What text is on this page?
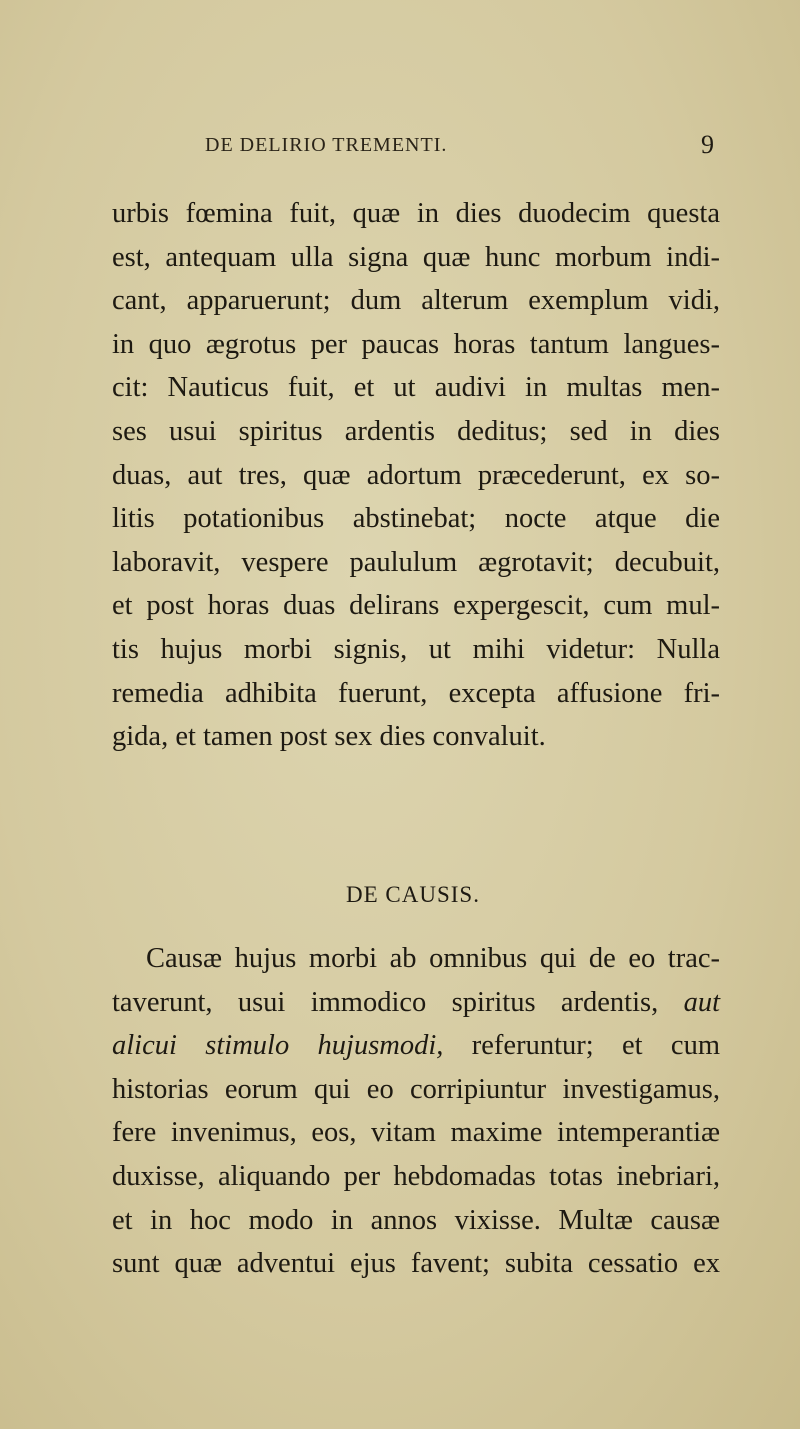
DE DELIRIO TREMENTI.	9
urbis fœmina fuit, quæ in dies duodecim questa
est, antequam ulla signa quæ hunc morbum indi-
cant, apparuerunt; dum alterum exemplum vidi,
in quo ægrotus per paucas horas tantum langues-
cit: Nauticus fuit, et ut audivi in multas men-
ses usui spiritus ardentis deditus; sed in dies
duas, aut tres, quæ adortum præcederunt, ex so-
litis potationibus abstinebat; nocte atque die
laboravit, vespere paululum ægrotavit; decubuit,
et post horas duas delirans expergescit, cum mul-
tis hujus morbi signis, ut mihi videtur: Nulla
remedia adhibita fuerunt, excepta affusione fri-
gida, et tamen post sex dies convaluit.
DE CAUSIS.
Causæ hujus morbi ab omnibus qui de eo trac-
taverunt, usui immodico spiritus ardentis, aut
alicui stimulo hujusmodi, referuntur; et cum
historias eorum qui eo corripiuntur investigamus,
fere invenimus, eos, vitam maxime intemperantiæ
duxisse, aliquando per hebdomadas totas inebriari,
et in hoc modo in annos vixisse. Multæ causæ
sunt quæ adventui ejus favent; subita cessatio ex
